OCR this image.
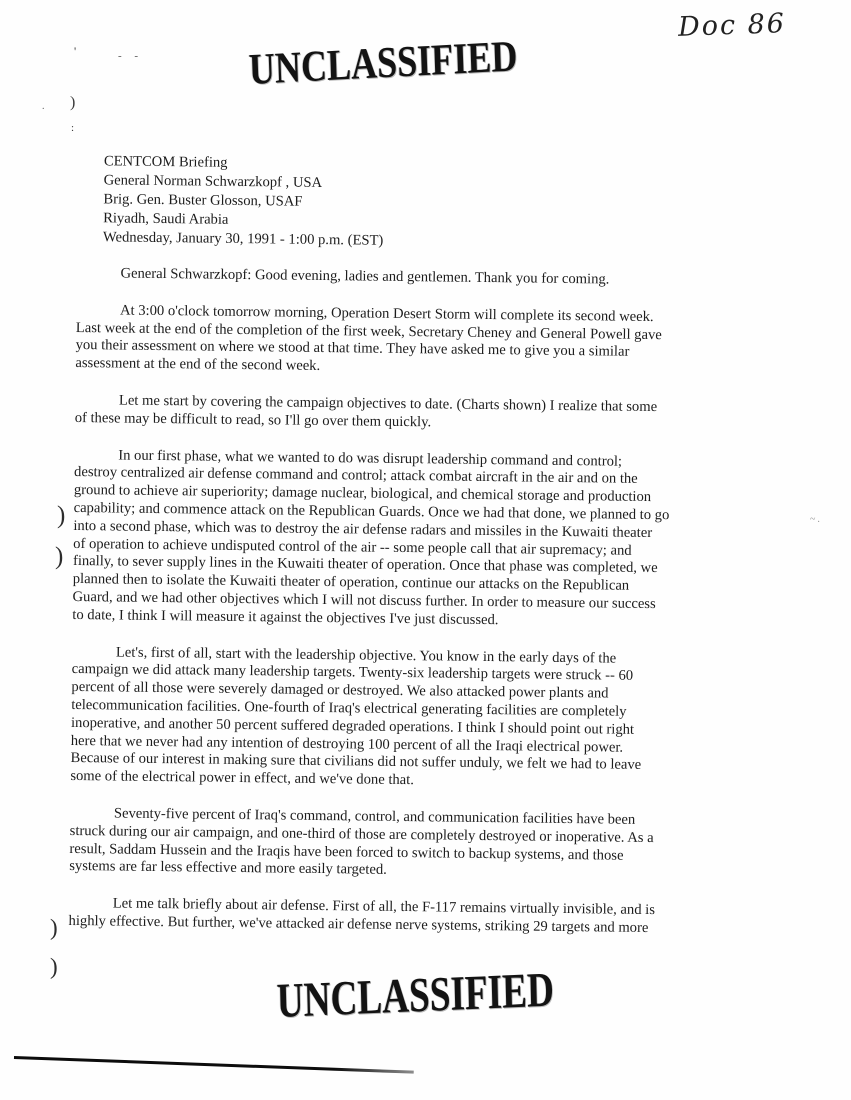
Doc 86
UNCLASSIFIED
CENTCOM Briefing
General Norman Schwarzkopf , USA
Brig. Gen. Buster Glosson, USAF
Riyadh, Saudi Arabia
Wednesday, January 30, 1991 - 1:00 p.m. (EST)

General Schwarzkopf: Good evening, ladies and gentlemen. Thank you for coming.

At 3:00 o'clock tomorrow morning, Operation Desert Storm will complete its second week.
Last week at the end of the completion of the first week, Secretary Cheney and General Powell gave
you their assessment on where we stood at that time. They have asked me to give you a similar
assessment at the end of the second week.

Let me start by covering the campaign objectives to date. (Charts shown) I realize that some
of these may be difficult to read, so I'll go over them quickly.

In our first phase, what we wanted to do was disrupt leadership command and control;
destroy centralized air defense command and control; attack combat aircraft in the air and on the
ground to achieve air superiority; damage nuclear, biological, and chemical storage and production
capability; and commence attack on the Republican Guards. Once we had that done, we planned to go
into a second phase, which was to destroy the air defense radars and missiles in the Kuwaiti theater
of operation to achieve undisputed control of the air -- some people call that air supremacy; and
finally, to sever supply lines in the Kuwaiti theater of operation. Once that phase was completed, we
planned then to isolate the Kuwaiti theater of operation, continue our attacks on the Republican
Guard, and we had other objectives which I will not discuss further. In order to measure our success
to date, I think I will measure it against the objectives I've just discussed.

Let's, first of all, start with the leadership objective. You know in the early days of the
campaign we did attack many leadership targets. Twenty-six leadership targets were struck -- 60
percent of all those were severely damaged or destroyed. We also attacked power plants and
telecommunication facilities. One-fourth of Iraq's electrical generating facilities are completely
inoperative, and another 50 percent suffered degraded operations. I think I should point out right
here that we never had any intention of destroying 100 percent of all the Iraqi electrical power.
Because of our interest in making sure that civilians did not suffer unduly, we felt we had to leave
some of the electrical power in effect, and we've done that.

Seventy-five percent of Iraq's command, control, and communication facilities have been
struck during our air campaign, and one-third of those are completely destroyed or inoperative. As a
result, Saddam Hussein and the Iraqis have been forced to switch to backup systems, and those
systems are far less effective and more easily targeted.

Let me talk briefly about air defense. First of all, the F-117 remains virtually invisible, and is
highly effective. But further, we've attacked air defense nerve systems, striking 29 targets and more

)
)
)
)
'	- -
)
:
.
~.
UNCLASSIFIED
